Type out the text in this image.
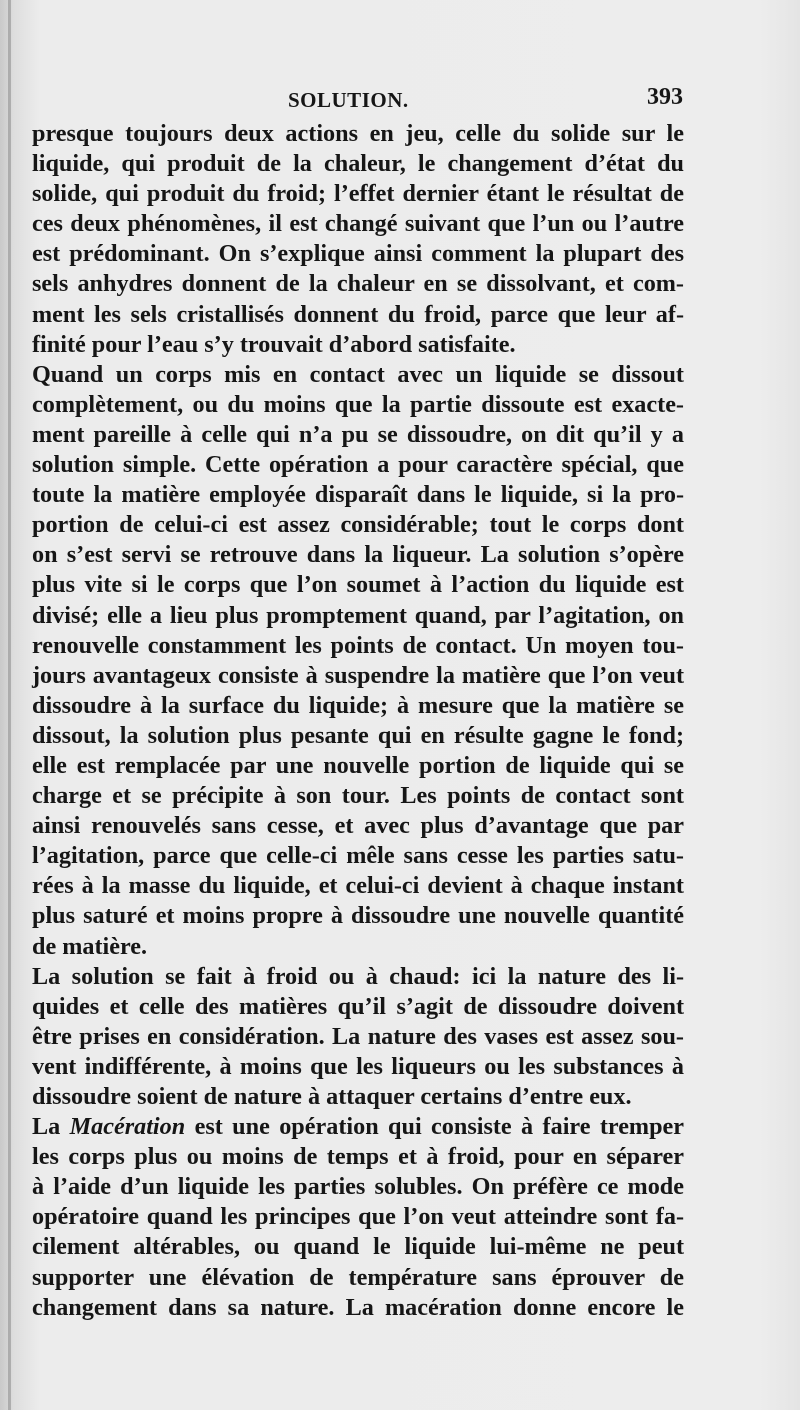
SOLUTION.	393

presque toujours deux actions en jeu, celle du solide sur le
liquide, qui produit de la chaleur, le changement d’état du
solide, qui produit du froid; l’effet dernier étant le résultat de
ces deux phénomènes, il est changé suivant que l’un ou l’autre
est prédominant. On s’explique ainsi comment la plupart des
sels anhydres donnent de la chaleur en se dissolvant, et com-
ment les sels cristallisés donnent du froid, parce que leur af-
finité pour l’eau s’y trouvait d’abord satisfaite.

Quand un corps mis en contact avec un liquide se dissout
complètement, ou du moins que la partie dissoute est exacte-
ment pareille à celle qui n’a pu se dissoudre, on dit qu’il y a
solution simple. Cette opération a pour caractère spécial, que
toute la matière employée disparaît dans le liquide, si la pro-
portion de celui-ci est assez considérable; tout le corps dont
on s’est servi se retrouve dans la liqueur. La solution s’opère
plus vite si le corps que l’on soumet à l’action du liquide est
divisé; elle a lieu plus promptement quand, par l’agitation, on
renouvelle constamment les points de contact. Un moyen tou-
jours avantageux consiste à suspendre la matière que l’on veut
dissoudre à la surface du liquide; à mesure que la matière se
dissout, la solution plus pesante qui en résulte gagne le fond;
elle est remplacée par une nouvelle portion de liquide qui se
charge et se précipite à son tour. Les points de contact sont
ainsi renouvelés sans cesse, et avec plus d’avantage que par
l’agitation, parce que celle-ci mêle sans cesse les parties satu-
rées à la masse du liquide, et celui-ci devient à chaque instant
plus saturé et moins propre à dissoudre une nouvelle quantité
de matière.

La solution se fait à froid ou à chaud: ici la nature des li-
quides et celle des matières qu’il s’agit de dissoudre doivent
être prises en considération. La nature des vases est assez sou-
vent indifférente, à moins que les liqueurs ou les substances à
dissoudre soient de nature à attaquer certains d’entre eux.

La Macération est une opération qui consiste à faire tremper
les corps plus ou moins de temps et à froid, pour en séparer
à l’aide d’un liquide les parties solubles. On préfère ce mode
opératoire quand les principes que l’on veut atteindre sont fa-
cilement altérables, ou quand le liquide lui-même ne peut
supporter une élévation de température sans éprouver de
changement dans sa nature. La macération donne encore le
